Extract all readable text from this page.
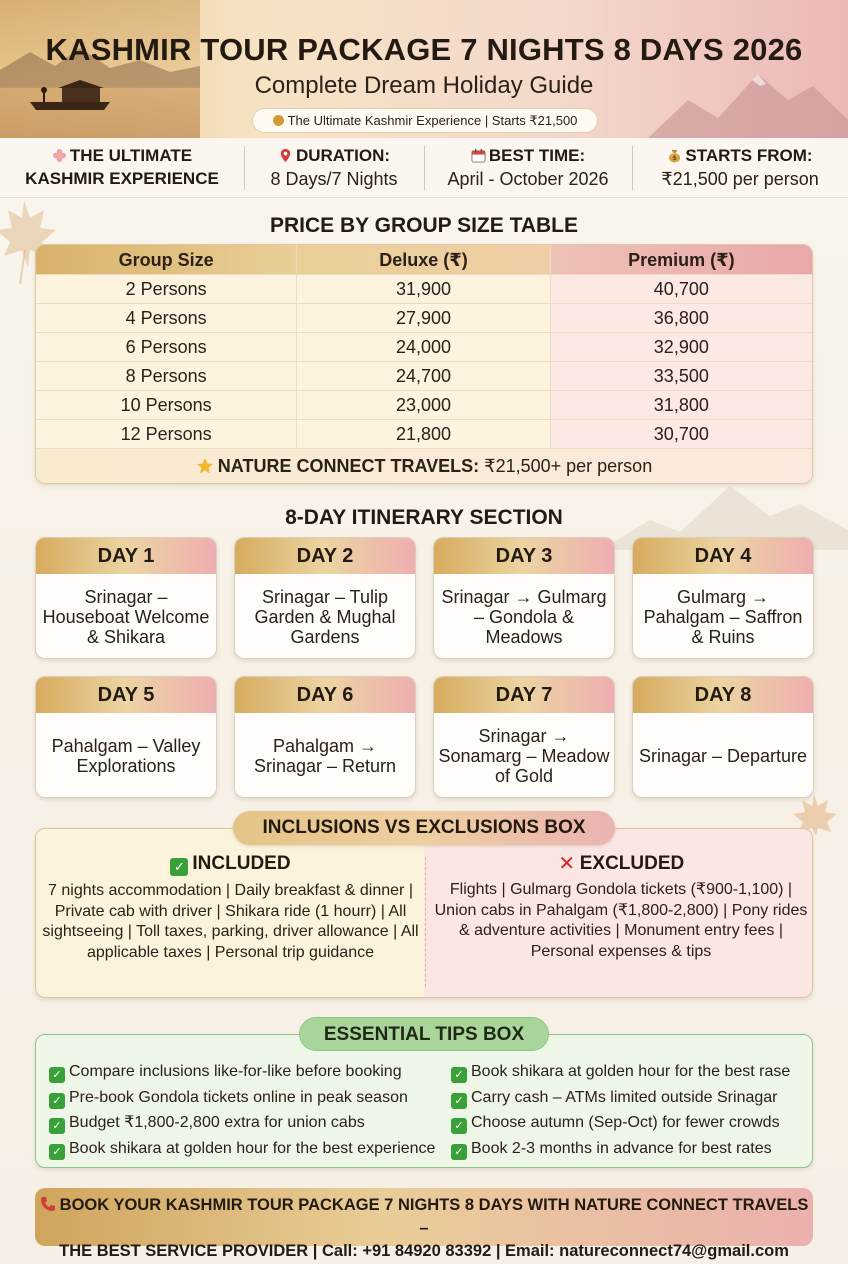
KASHMIR TOUR PACKAGE 7 NIGHTS 8 DAYS 2026
Complete Dream Holiday Guide
The Ultimate Kashmir Experience | Starts ₹21,500
THE ULTIMATE
KASHMIR EXPERIENCE
DURATION:
8 Days/7 Nights
BEST TIME:
April - October 2026
$ STARTS FROM:
₹21,500 per person
PRICE BY GROUP SIZE TABLE
Group Size	Deluxe (₹)	Premium (₹)
2 Persons	31,900	40,700
4 Persons	27,900	36,800
6 Persons	24,000	32,900
8 Persons	24,700	33,500
10 Persons	23,000	31,800
12 Persons	21,800	30,700
NATURE CONNECT TRAVELS: ₹21,500+ per person
8-DAY ITINERARY SECTION
DAY 1
Srinagar – Houseboat Welcome & Shikara
DAY 2
Srinagar – Tulip Garden & Mughal Gardens
DAY 3
Srinagar → Gulmarg – Gondola & Meadows
DAY 4
Gulmarg → Pahalgam – Saffron & Ruins
DAY 5
Pahalgam – Valley Explorations
DAY 6
Pahalgam → Srinagar – Return
DAY 7
Srinagar → Sonamarg – Meadow of Gold
DAY 8
Srinagar – Departure
✓ INCLUDED
7 nights accommodation | Daily breakfast & dinner | Private cab with driver | Shikara ride (1 hourr) | All sightseeing | Toll taxes, parking, driver allowance | All applicable taxes | Personal trip guidance
✕ EXCLUDED
Flights | Gulmarg Gondola tickets (₹900-1,100) | Union cabs in Pahalgam (₹1,800-2,800) | Pony rides & adventure activities | Monument entry fees | Personal expenses & tips
INCLUSIONS VS EXCLUSIONS BOX
✓ Compare inclusions like-for-like before booking
✓ Pre-book Gondola tickets online in peak season
✓ Budget ₹1,800-2,800 extra for union cabs
✓ Book shikara at golden hour for the best experience
✓ Book shikara at golden hour for the best rase
✓ Carry cash – ATMs limited outside Srinagar
✓ Choose autumn (Sep-Oct) for fewer crowds
✓ Book 2-3 months in advance for best rates
ESSENTIAL TIPS BOX
BOOK YOUR KASHMIR TOUR PACKAGE 7 NIGHTS 8 DAYS WITH NATURE CONNECT TRAVELS –
THE BEST SERVICE PROVIDER | Call: +91 84920 83392 | Email: natureconnect74@gmail.com
